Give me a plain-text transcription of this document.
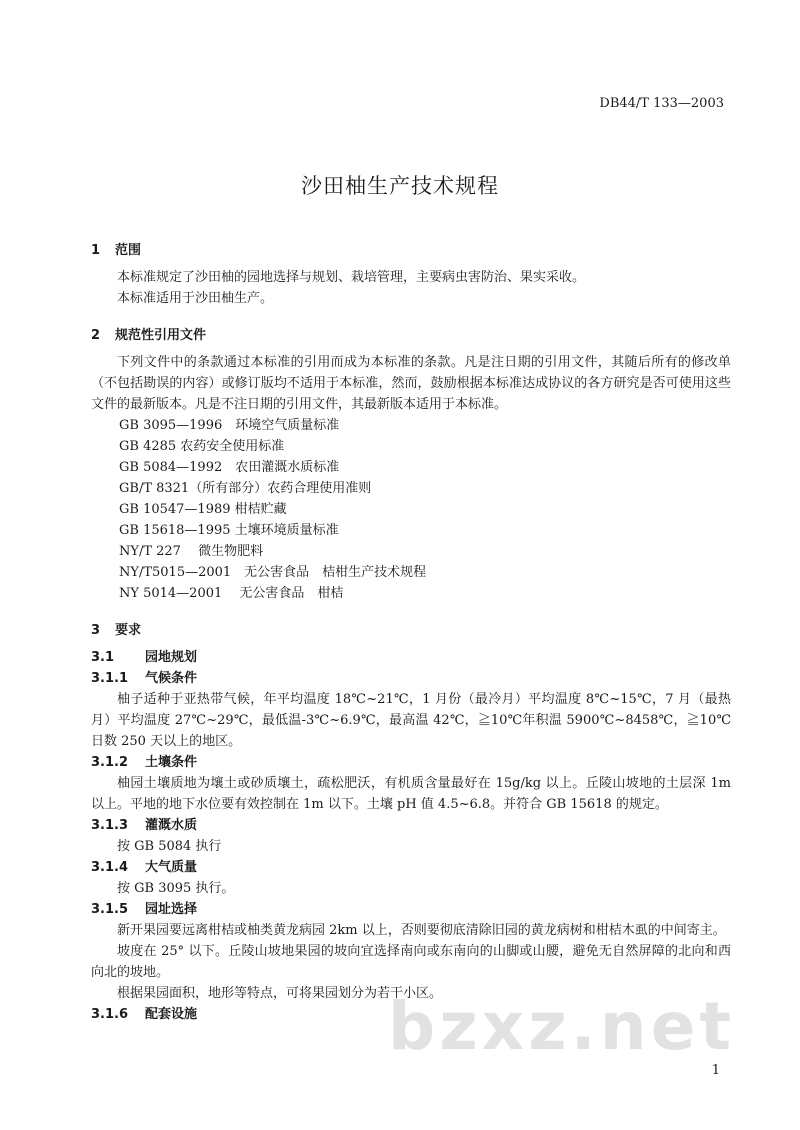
DB44/T 133—2003
沙田柚生产技术规程
1 范围

本标准规定了沙田柚的园地选择与规划、栽培管理，主要病虫害防治、果实采收。

本标准适用于沙田柚生产。

2 规范性引用文件

下列文件中的条款通过本标准的引用而成为本标准的条款。凡是注日期的引用文件，其随后所有的修改单（不包括勘误的内容）或修订版均不适用于本标准，然而，鼓励根据本标准达成协议的各方研究是否可使用这些文件的最新版本。凡是不注日期的引用文件，其最新版本适用于本标准。

GB 3095—1996　环境空气质量标准

GB 4285 农药安全使用标准

GB 5084—1992　农田灌溉水质标准

GB/T 8321（所有部分）农药合理使用准则

GB 10547—1989 柑桔贮藏

GB 15618—1995 土壤环境质量标准

NY/T 227　 微生物肥料

NY/T5015—2001　无公害食品　桔柑生产技术规程

NY 5014—2001　 无公害食品　柑桔

3 要求
3.1 园地规划
3.1.1 气候条件

柚子适种于亚热带气候，年平均温度 18℃~21℃，1 月份（最冷月）平均温度 8℃~15℃，7 月（最热月）平均温度 27℃~29℃，最低温-3℃~6.9℃，最高温 42℃，≧10℃年积温 5900℃~8458℃，≧10℃日数 250 天以上的地区。

3.1.2 土壤条件

柚园土壤质地为壤土或砂质壤土，疏松肥沃，有机质含量最好在 15g/kg 以上。丘陵山坡地的土层深 1m 以上。平地的地下水位要有效控制在 1m 以下。土壤 pH 值 4.5~6.8。并符合 GB 15618 的规定。

3.1.3 灌溉水质

按 GB 5084 执行

3.1.4 大气质量

按 GB 3095 执行。

3.1.5 园址选择

新开果园要远离柑桔或柚类黄龙病园 2km 以上，否则要彻底清除旧园的黄龙病树和柑桔木虱的中间寄主。

坡度在 25° 以下。丘陵山坡地果园的坡向宜选择南向或东南向的山脚或山腰，避免无自然屏障的北向和西向北的坡地。

根据果园面积，地形等特点，可将果园划分为若干小区。

3.1.6 配套设施	bzxz.net
1
